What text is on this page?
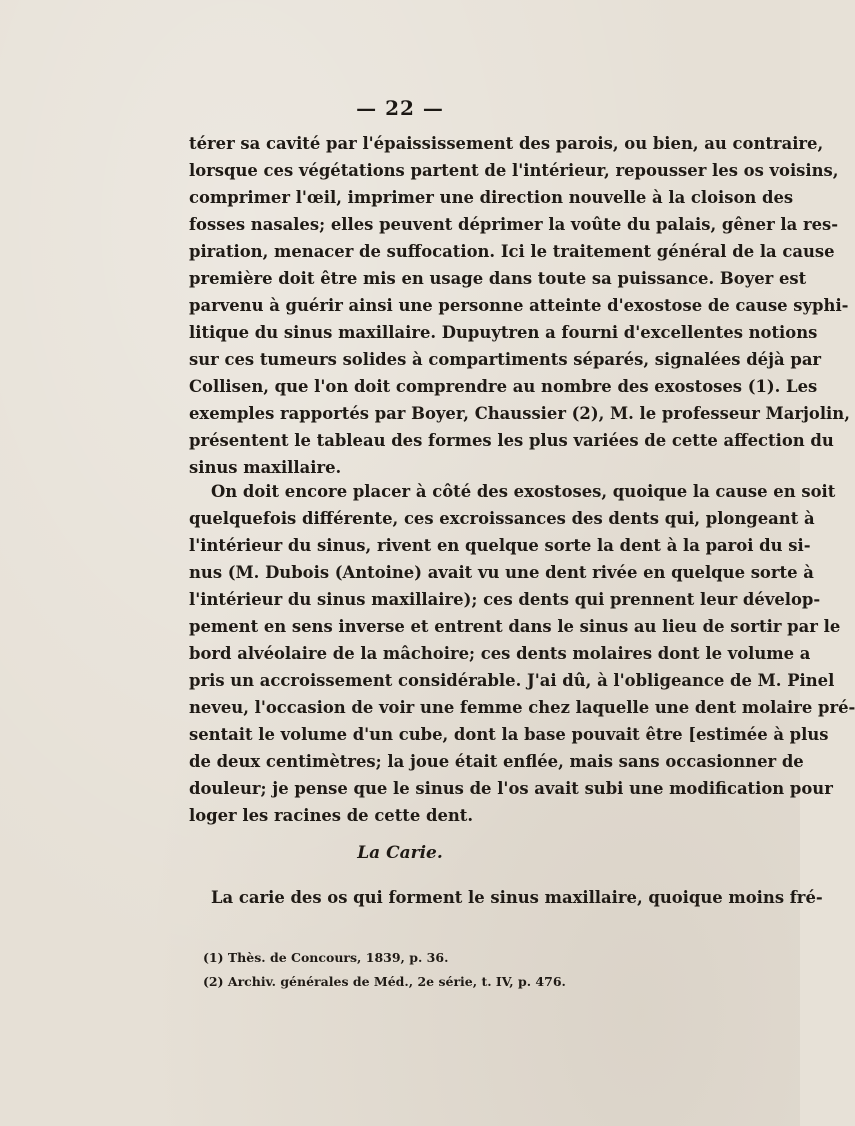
— 22 —
térer sa cavité par l'épaississement des parois, ou bien, au contraire,
lorsque ces végétations partent de l'intérieur, repousser les os voisins,
comprimer l'œil, imprimer une direction nouvelle à la cloison des
fosses nasales; elles peuvent déprimer la voûte du palais, gêner la res-
piration, menacer de suffocation. Ici le traitement général de la cause
première doit être mis en usage dans toute sa puissance. Boyer est
parvenu à guérir ainsi une personne atteinte d'exostose de cause syphi-
litique du sinus maxillaire. Dupuytren a fourni d'excellentes notions
sur ces tumeurs solides à compartiments séparés, signalées déjà par
Collisen, que l'on doit comprendre au nombre des exostoses (1). Les
exemples rapportés par Boyer, Chaussier (2), M. le professeur Marjolin,
présentent le tableau des formes les plus variées de cette affection du
sinus maxillaire.
On doit encore placer à côté des exostoses, quoique la cause en soit
quelquefois différente, ces excroissances des dents qui, plongeant à
l'intérieur du sinus, rivent en quelque sorte la dent à la paroi du si-
nus (M. Dubois (Antoine) avait vu une dent rivée en quelque sorte à
l'intérieur du sinus maxillaire); ces dents qui prennent leur dévelop-
pement en sens inverse et entrent dans le sinus au lieu de sortir par le
bord alvéolaire de la mâchoire; ces dents molaires dont le volume a
pris un accroissement considérable. J'ai dû, à l'obligeance de M. Pinel
neveu, l'occasion de voir une femme chez laquelle une dent molaire pré-
sentait le volume d'un cube, dont la base pouvait être [estimée à plus
de deux centimètres; la joue était enflée, mais sans occasionner de
douleur; je pense que le sinus de l'os avait subi une modification pour
loger les racines de cette dent.
La Carie.
La carie des os qui forment le sinus maxillaire, quoique moins fré-
(1) Thès. de Concours, 1839, p. 36.
(2) Archiv. générales de Méd., 2e série, t. IV, p. 476.
